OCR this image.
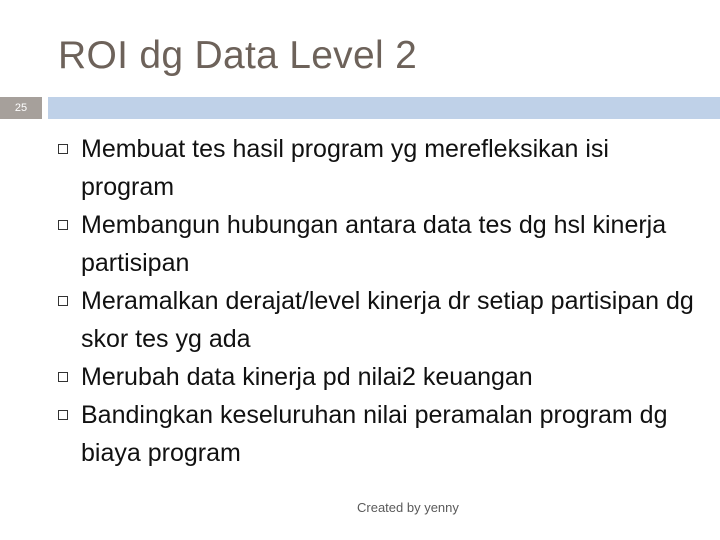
ROI dg Data Level 2
25
Membuat tes hasil program yg merefleksikan isi program
Membangun hubungan antara data tes dg hsl kinerja partisipan
Meramalkan derajat/level kinerja dr setiap partisipan dg skor tes yg ada
Merubah data kinerja pd nilai2 keuangan
Bandingkan keseluruhan nilai peramalan program dg biaya program
Created by yenny
